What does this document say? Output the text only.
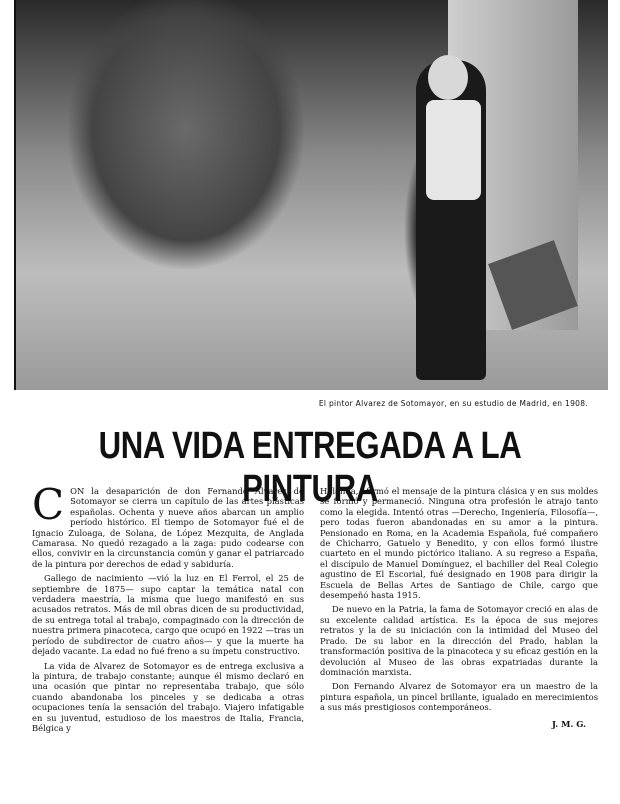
El pintor Alvarez de Sotomayor, en su estudio de Madrid, en 1908.
UNA VIDA ENTREGADA A LA PINTURA

CON la desaparición de don Fernando Alvarez de Sotomayor se cierra un capítulo de las artes plásticas españolas. Ochenta y nueve años abarcan un amplio período histórico. El tiempo de Sotomayor fué el de Ignacio Zuloaga, de Solana, de López Mezquita, de Anglada Camarasa. No quedó rezagado a la zaga: pudo codearse con ellos, convivir en la circunstancia común y ganar el patriarcado de la pintura por derechos de edad y sabiduría.

Gallego de nacimiento —vió la luz en El Ferrol, el 25 de septiembre de 1875— supo captar la temática natal con verdadera maestría, la misma que luego manifestó en sus acusados retratos. Más de mil obras dicen de su productividad, de su entrega total al trabajo, compaginado con la dirección de nuestra primera pinacoteca, cargo que ocupó en 1922 —tras un período de subdirector de cuatro años— y que la muerte ha dejado vacante. La edad no fué freno a su ímpetu constructivo.

La vida de Alvarez de Sotomayor es de entrega exclusiva a la pintura, de trabajo constante; aunque él mismo declaró en una ocasión que pintar no representaba trabajo, que sólo cuando abandonaba los pinceles y se dedicaba a otras ocupaciones tenía la sensación del trabajo. Viajero infatigable en su juventud, estudioso de los maestros de Italia, Francia, Bélgica y

Holanda, afirmó el mensaje de la pintura clásica y en sus moldes se formó y permaneció. Ninguna otra profesión le atrajo tanto como la elegida. Intentó otras —Derecho, Ingeniería, Filosofía—, pero todas fueron abandonadas en su amor a la pintura. Pensionado en Roma, en la Academia Española, fué compañero de Chicharro, Gatuelo y Benedito, y con ellos formó ilustre cuarteto en el mundo pictórico italiano. A su regreso a España, el discípulo de Manuel Domínguez, el bachiller del Real Colegio agustino de El Escorial, fué designado en 1908 para dirigir la Escuela de Bellas Artes de Santiago de Chile, cargo que desempeñó hasta 1915.

De nuevo en la Patria, la fama de Sotomayor creció en alas de su excelente calidad artística. Es la época de sus mejores retratos y la de su iniciación con la intimidad del Museo del Prado. De su labor en la dirección del Prado, hablan la transformación positiva de la pinacoteca y su eficaz gestión en la devolución al Museo de las obras expatriadas durante la dominación marxista.

Don Fernando Alvarez de Sotomayor era un maestro de la pintura española, un pincel brillante, igualado en merecimientos a sus más prestigiosos contemporáneos.

J. M. G.
